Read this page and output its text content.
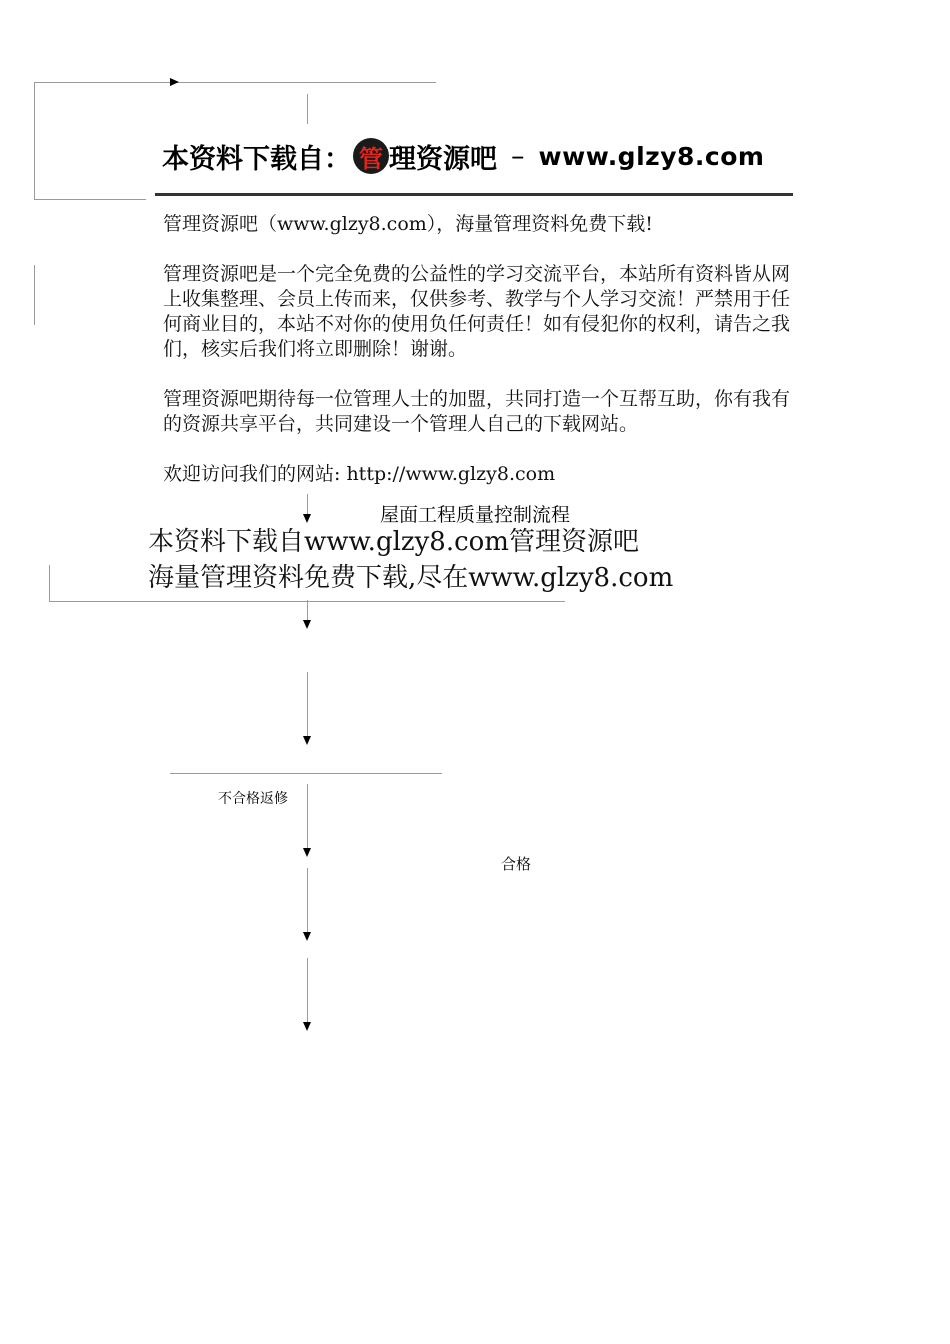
本资料下载自： 管 理资源吧 – www.glzy8.com
管理资源吧（www.glzy8.com），海量管理资料免费下载!
管理资源吧是一个完全免费的公益性的学习交流平台，本站所有资料皆从网上收集整理、会员上传而来，仅供参考、教学与个人学习交流！严禁用于任何商业目的，本站不对你的使用负任何责任！如有侵犯你的权利，请告之我们，核实后我们将立即删除！谢谢。
管理资源吧期待每一位管理人士的加盟，共同打造一个互帮互助，你有我有的资源共享平台，共同建设一个管理人自己的下载网站。
欢迎访问我们的网站: http://www.glzy8.com
屋面工程质量控制流程
本资料下载自www.glzy8.com管理资源吧
海量管理资料免费下载,尽在www.glzy8.com
不合格返修
合格
